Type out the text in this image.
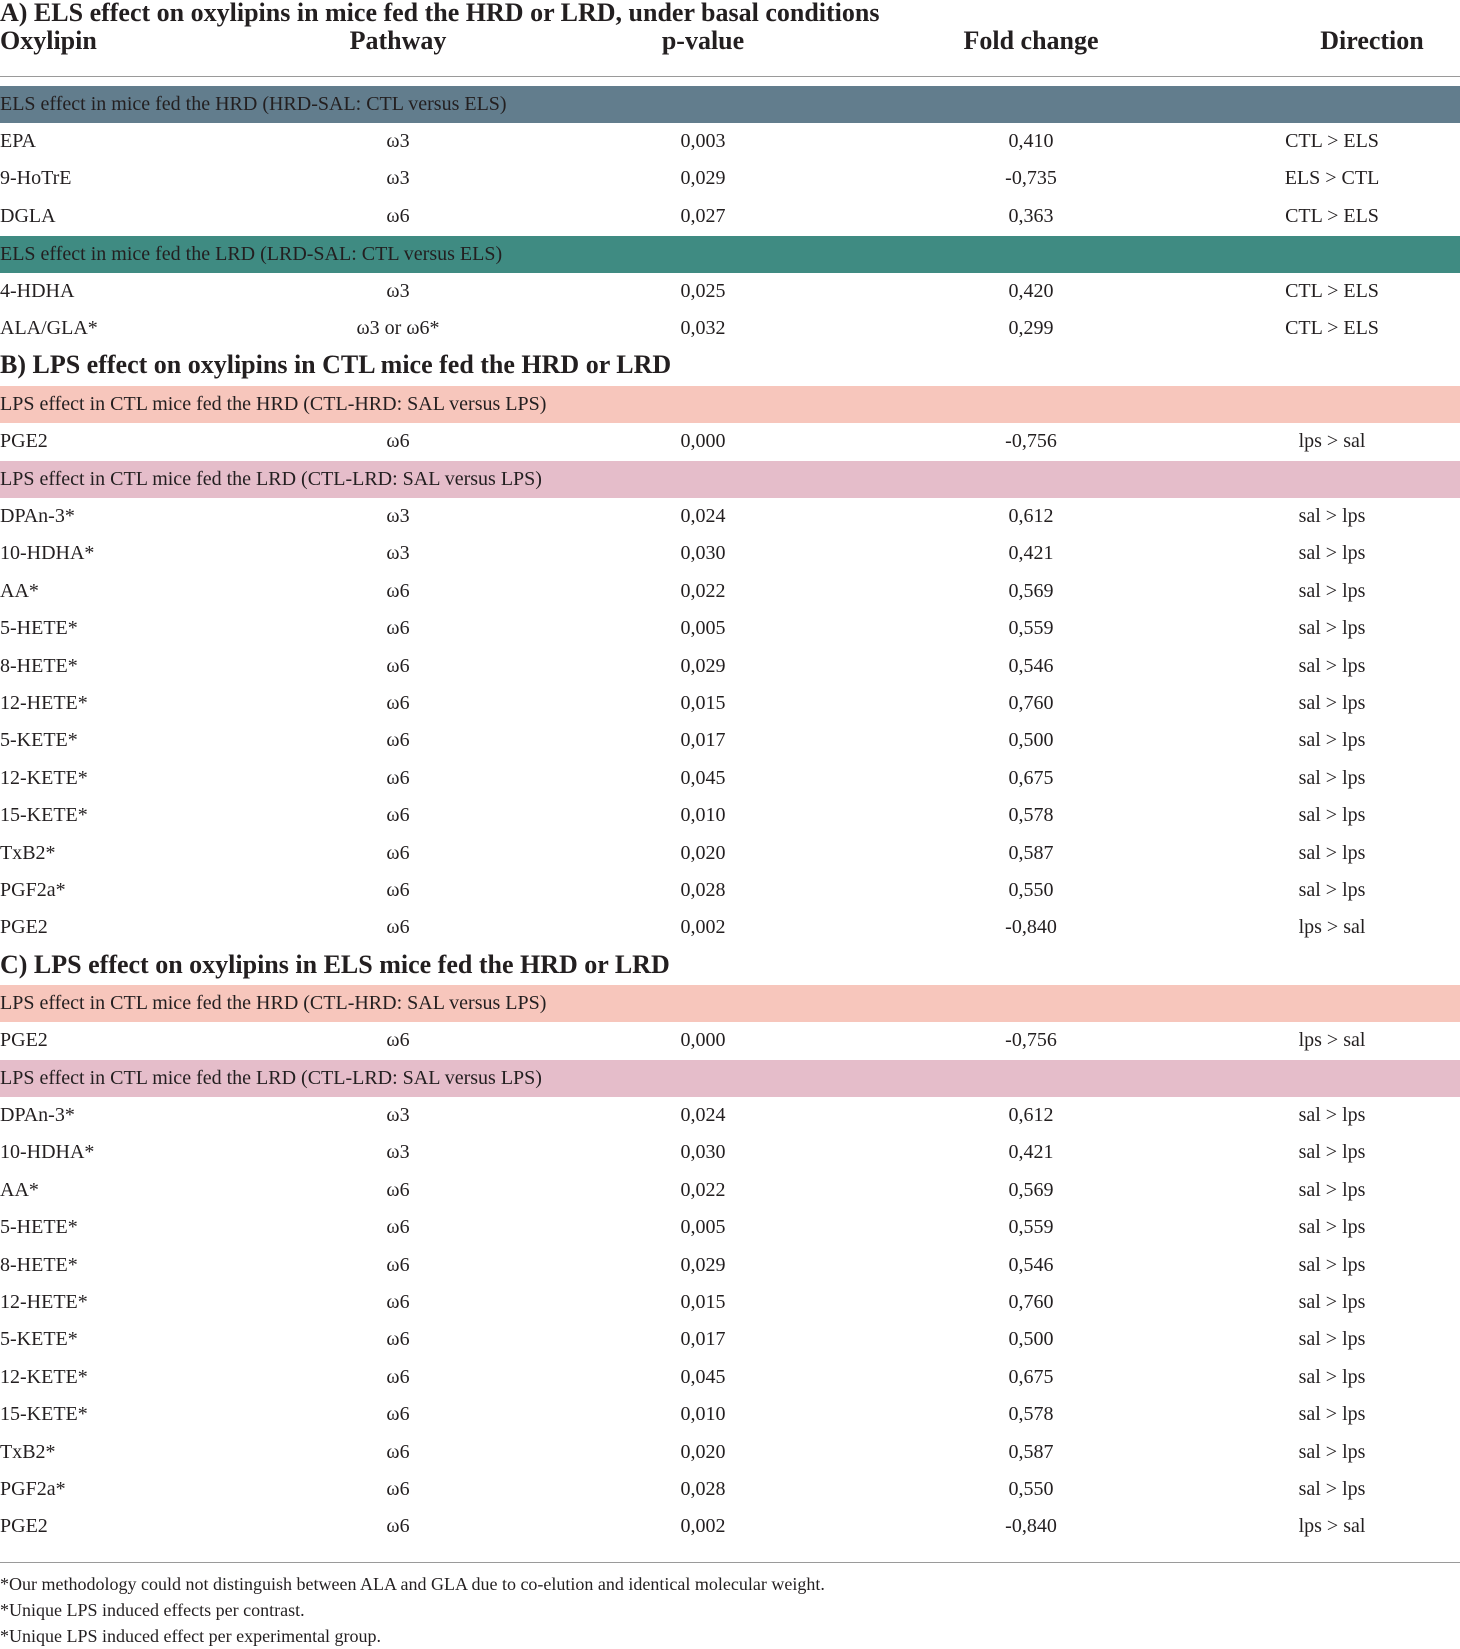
A) ELS effect on oxylipins in mice fed the HRD or LRD, under basal conditions
Oxylipin	Pathway	p-value	Fold change	Direction
ELS effect in mice fed the HRD (HRD-SAL: CTL versus ELS)
EPA	ω3	0,003	0,410	CTL > ELS
9-HoTrE	ω3	0,029	-0,735	ELS > CTL
DGLA	ω6	0,027	0,363	CTL > ELS
ELS effect in mice fed the LRD (LRD-SAL: CTL versus ELS)
4-HDHA	ω3	0,025	0,420	CTL > ELS
ALA/GLA*	ω3 or ω6*	0,032	0,299	CTL > ELS
B) LPS effect on oxylipins in CTL mice fed the HRD or LRD
LPS effect in CTL mice fed the HRD (CTL-HRD: SAL versus LPS)
PGE2	ω6	0,000	-0,756	lps > sal
LPS effect in CTL mice fed the LRD (CTL-LRD: SAL versus LPS)
DPAn-3*	ω3	0,024	0,612	sal > lps
10-HDHA*	ω3	0,030	0,421	sal > lps
AA*	ω6	0,022	0,569	sal > lps
5-HETE*	ω6	0,005	0,559	sal > lps
8-HETE*	ω6	0,029	0,546	sal > lps
12-HETE*	ω6	0,015	0,760	sal > lps
5-KETE*	ω6	0,017	0,500	sal > lps
12-KETE*	ω6	0,045	0,675	sal > lps
15-KETE*	ω6	0,010	0,578	sal > lps
TxB2*	ω6	0,020	0,587	sal > lps
PGF2a*	ω6	0,028	0,550	sal > lps
PGE2	ω6	0,002	-0,840	lps > sal
C) LPS effect on oxylipins in ELS mice fed the HRD or LRD
LPS effect in CTL mice fed the HRD (CTL-HRD: SAL versus LPS)
PGE2	ω6	0,000	-0,756	lps > sal
LPS effect in CTL mice fed the LRD (CTL-LRD: SAL versus LPS)
DPAn-3*	ω3	0,024	0,612	sal > lps
10-HDHA*	ω3	0,030	0,421	sal > lps
AA*	ω6	0,022	0,569	sal > lps
5-HETE*	ω6	0,005	0,559	sal > lps
8-HETE*	ω6	0,029	0,546	sal > lps
12-HETE*	ω6	0,015	0,760	sal > lps
5-KETE*	ω6	0,017	0,500	sal > lps
12-KETE*	ω6	0,045	0,675	sal > lps
15-KETE*	ω6	0,010	0,578	sal > lps
TxB2*	ω6	0,020	0,587	sal > lps
PGF2a*	ω6	0,028	0,550	sal > lps
PGE2	ω6	0,002	-0,840	lps > sal
*Our methodology could not distinguish between ALA and GLA due to co-elution and identical molecular weight.
*Unique LPS induced effects per contrast.
*Unique LPS induced effect per experimental group.
